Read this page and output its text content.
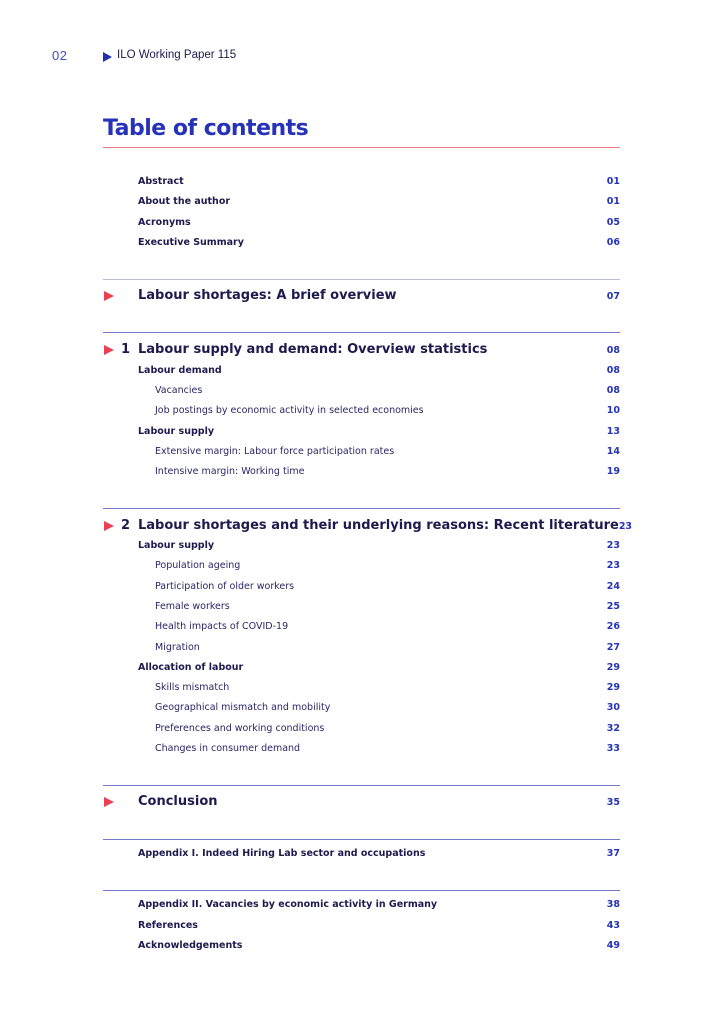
02	ILO Working Paper 115
Table of contents
Abstract	01
About the author	01
Acronyms	05
Executive Summary	06
Labour shortages: A brief overview	07
1 Labour supply and demand: Overview statistics	08
Labour demand	08
Vacancies	08
Job postings by economic activity in selected economies	10
Labour supply	13
Extensive margin: Labour force participation rates	14
Intensive margin: Working time	19
2 Labour shortages and their underlying reasons: Recent literature 23
Labour supply	23
Population ageing	23
Participation of older workers	24
Female workers	25
Health impacts of COVID-19	26
Migration	27
Allocation of labour	29
Skills mismatch	29
Geographical mismatch and mobility	30
Preferences and working conditions	32
Changes in consumer demand	33
Conclusion	35
Appendix I. Indeed Hiring Lab sector and occupations	37
Appendix II. Vacancies by economic activity in Germany	38
References	43
Acknowledgements	49
